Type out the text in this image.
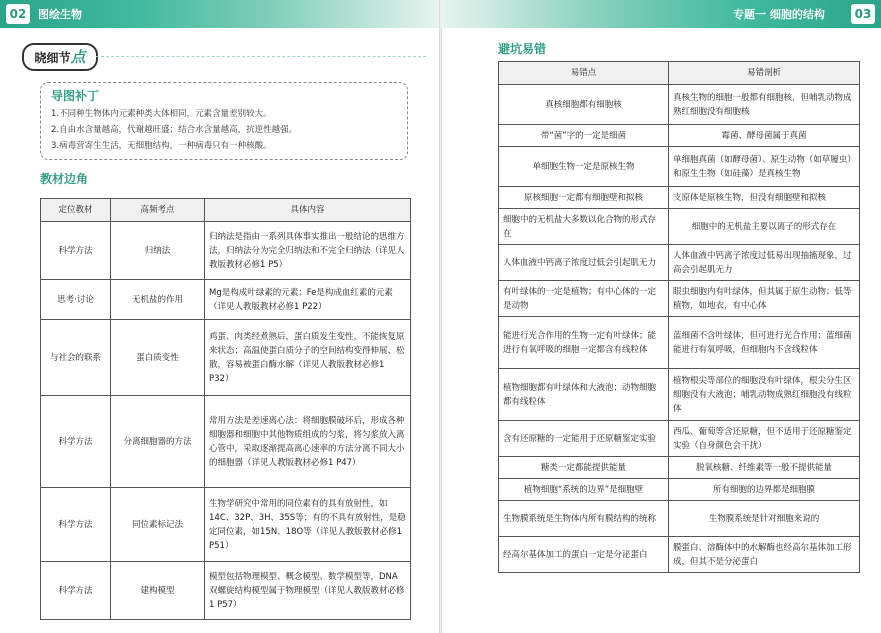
02	图绘生物
晓细节点
导图补丁
1.不同种生物体内元素种类大体相同，元素含量差别较大。
2.自由水含量越高，代谢越旺盛；结合水含量越高，抗逆性越强。
3.病毒营寄生生活，无细胞结构，一种病毒只有一种核酸。
教材边角
定位教材	高频考点	具体内容
科学方法	归纳法	归纳法是指由一系列具体事实推出一般结论的思维方法，归纳法分为完全归纳法和不完全归纳法（详见人教版教材必修1 P5）
思考·讨论	无机盐的作用	Mg是构成叶绿素的元素；Fe是构成血红素的元素（详见人教版教材必修1 P22）
与社会的联系	蛋白质变性	鸡蛋、肉类经煮熟后，蛋白质发生变性，不能恢复原来状态；高温使蛋白质分子的空间结构变得伸展、松散，容易被蛋白酶水解（详见人教版教材必修1 P32）
科学方法	分离细胞器的方法	常用方法是差速离心法：将细胞膜破坏后，形成各种细胞器和细胞中其他物质组成的匀浆，将匀浆放入离心管中，采取逐渐提高离心速率的方法分离不同大小的细胞器（详见人教版教材必修1 P47）
科学方法	同位素标记法	生物学研究中常用的同位素有的具有放射性，如14C、32P、3H、35S等；有的不具有放射性，是稳定同位素，如15N、18O等（详见人教版教材必修1 P51）
科学方法	建构模型	模型包括物理模型、概念模型、数学模型等，DNA双螺旋结构模型属于物理模型（详见人教版教材必修1 P57）
专题一 细胞的结构	03
避坑易错
易错点	易错剖析
真核细胞都有细胞核	真核生物的细胞一般都有细胞核，但哺乳动物成熟红细胞没有细胞核
带“菌”字的一定是细菌	霉菌、酵母菌属于真菌
单细胞生物一定是原核生物	单细胞真菌（如酵母菌）、原生动物（如草履虫）和原生生物（如硅藻）是真核生物
原核细胞一定都有细胞壁和拟核	支原体是原核生物，但没有细胞壁和拟核
细胞中的无机盐大多数以化合物的形式存在	细胞中的无机盐主要以离子的形式存在
人体血液中钙离子浓度过低会引起肌无力	人体血液中钙离子浓度过低易出现抽搐现象，过高会引起肌无力
有叶绿体的一定是植物；有中心体的一定是动物	眼虫细胞内有叶绿体，但其属于原生动物；低等植物，如地衣，有中心体
能进行光合作用的生物一定有叶绿体；能进行有氧呼吸的细胞一定都含有线粒体	蓝细菌不含叶绿体，但可进行光合作用；蓝细菌能进行有氧呼吸，但细胞内不含线粒体
植物细胞都有叶绿体和大液泡；动物细胞都有线粒体	植物根尖等部位的细胞没有叶绿体，根尖分生区细胞没有大液泡；哺乳动物成熟红细胞没有线粒体
含有还原糖的一定能用于还原糖鉴定实验	西瓜、葡萄等含还原糖，但不适用于还原糖鉴定实验（自身颜色会干扰）
糖类一定都能提供能量	脱氧核糖、纤维素等一般不提供能量
植物细胞“系统的边界”是细胞壁	所有细胞的边界都是细胞膜
生物膜系统是生物体内所有膜结构的统称	生物膜系统是针对细胞来说的
经高尔基体加工的蛋白一定是分泌蛋白	膜蛋白、溶酶体中的水解酶也经高尔基体加工形成，但其不是分泌蛋白
